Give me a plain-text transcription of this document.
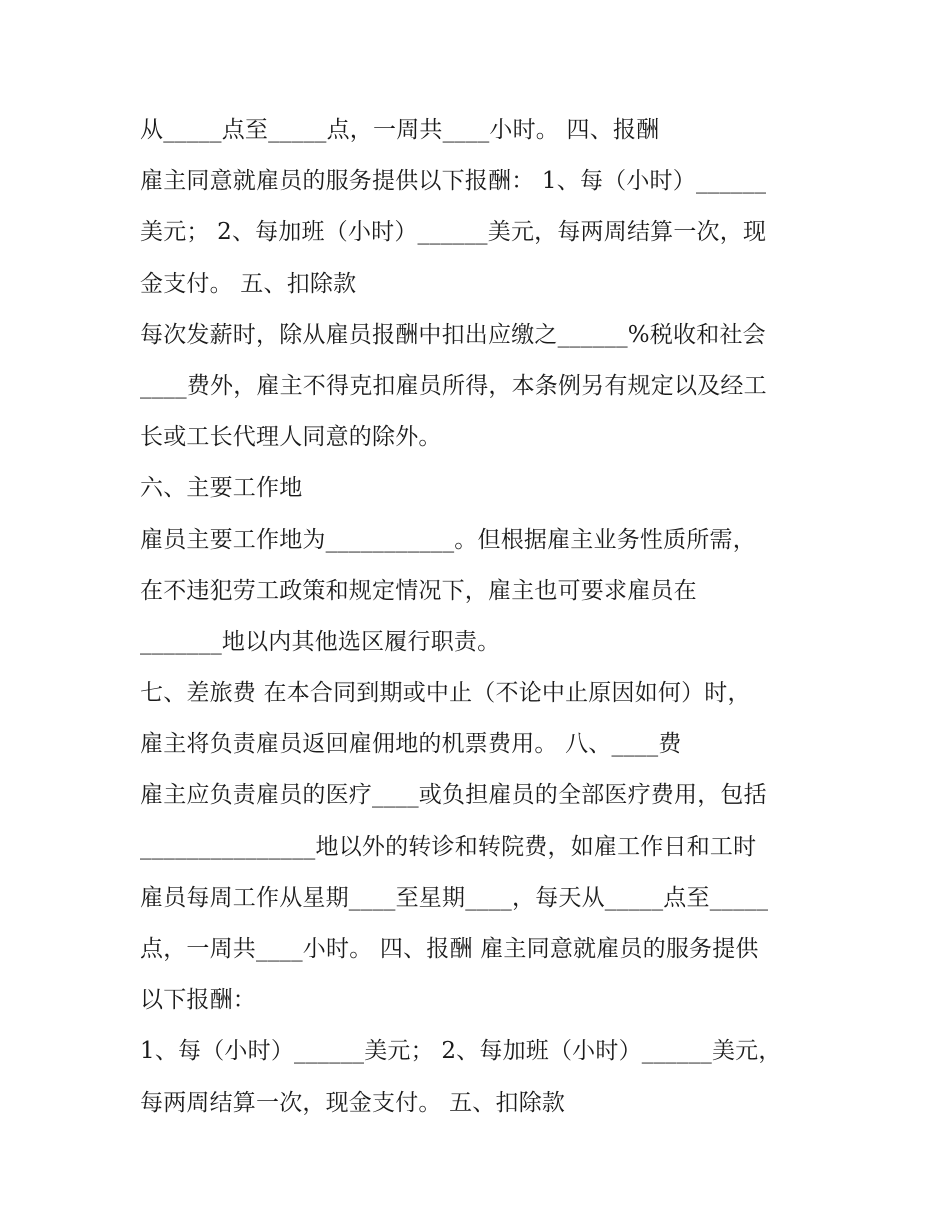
从_____点至_____点，一周共____小时。 四、报酬
雇主同意就雇员的服务提供以下报酬： 1、每（小时）______
美元； 2、每加班（小时）______美元，每两周结算一次，现
金支付。 五、扣除款
每次发薪时，除从雇员报酬中扣出应缴之______%税收和社会
____费外，雇主不得克扣雇员所得，本条例另有规定以及经工
长或工长代理人同意的除外。
六、主要工作地
雇员主要工作地为___________。但根据雇主业务性质所需，
在不违犯劳工政策和规定情况下，雇主也可要求雇员在
_______地以内其他选区履行职责。
七、差旅费 在本合同到期或中止（不论中止原因如何）时，
雇主将负责雇员返回雇佣地的机票费用。 八、____费
雇主应负责雇员的医疗____或负担雇员的全部医疗费用，包括
_______________地以外的转诊和转院费，如雇工作日和工时
雇员每周工作从星期____至星期____，每天从_____点至_____
点，一周共____小时。 四、报酬 雇主同意就雇员的服务提供
以下报酬：
1、每（小时）______美元； 2、每加班（小时）______美元，
每两周结算一次，现金支付。 五、扣除款
